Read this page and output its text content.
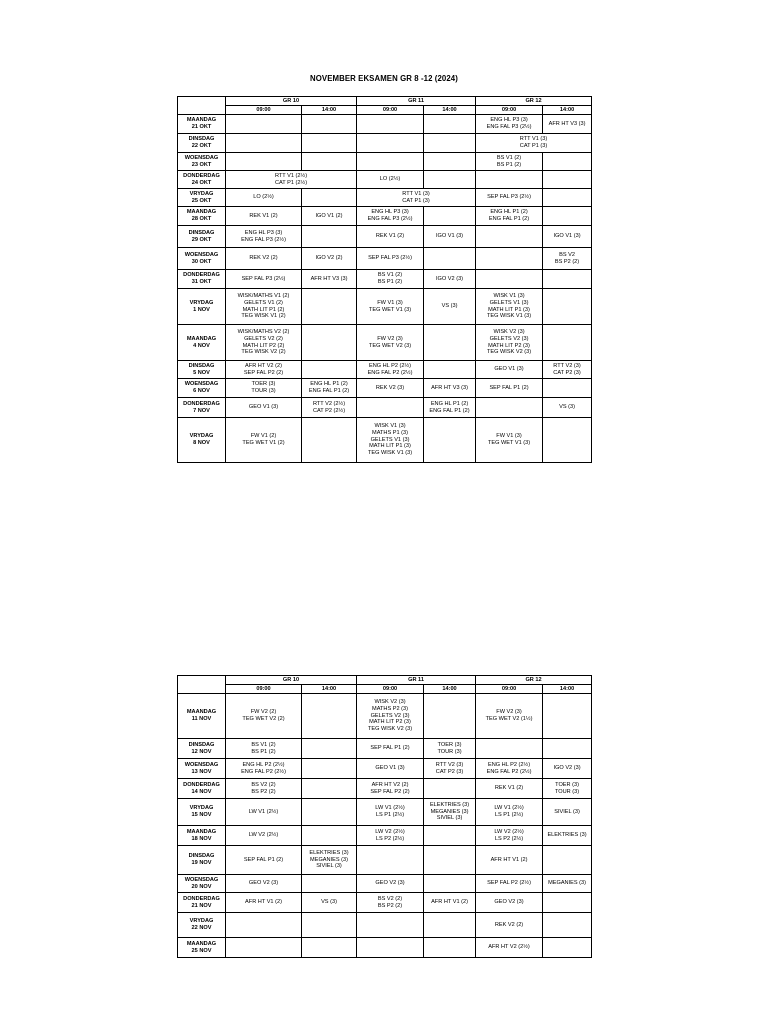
NOVEMBER EKSAMEN GR 8 -12 (2024)
	GR 10		GR 11		GR 12	
	09:00	14:00	09:00	14:00	09:00	14:00

MAANDAG
21 OKT					ENG HL P3 (3)
ENG FAL P3 (2½)	AFR HT V3 (3)

DINSDAG
22 OKT					RTT V1 (3)
CAT P1 (3)	

WOENSDAG
23 OKT					BS V1 (2)
BS P1 (2)	

DONDERDAG
24 OKT	RTT V1 (2½)
CAT P1 (2½)		LO (2½)			

VRYDAG
25 OKT	LO (2½)		RTT V1 (3)
CAT P1 (3)		SEP FAL P3 (2½)	

MAANDAG
28 OKT	REK V1 (2)	IGO V1 (2)	ENG HL P3 (3)
ENG FAL P3 (2½)		ENG HL P1 (2)
ENG FAL P1 (2)	

DINSDAG
29 OKT	ENG HL P3 (3)
ENG FAL P3 (2½)		REK V1 (2)	IGO V1 (3)		IGO V1 (3)

WOENSDAG
30 OKT	REK V2 (2)	IGO V2 (2)	SEP FAL P3 (2½)			BS V2
BS P2 (2)

DONDERDAG
31 OKT	SEP FAL P3 (2½)	AFR HT V3 (3)	BS V1 (2)
BS P1 (2)	IGO V2 (3)		

VRYDAG
1 NOV	WISK/MATHS V1 (2)
GELETS V1 (2)
MATH LIT P1 (2)
TEG WISK V1 (2)		FW V1 (3)
TEG WET V1 (3)	VS (3)	WISK V1 (3)
GELETS V1 (3)
MATH LIT P1 (3)
TEG WISK V1 (3)	

MAANDAG
4 NOV	WISK/MATHS V2 (2)
GELETS V2 (2)
MATH LIT P2 (2)
TEG WISK V2 (2)		FW V2 (3)
TEG WET V2 (3)		WISK V2 (3)
GELETS V2 (3)
MATH LIT P2 (3)
TEG WISK V2 (3)	

DINSDAG
5 NOV	AFR HT V2 (2)
SEP FAL P2 (2)		ENG HL P2 (2½)
ENG FAL P2 (2½)		GEO V1 (3)	RTT V2 (3)
CAT P2 (3)

WOENSDAG
6 NOV	TOER (3)
TOUR (3)	ENG HL P1 (2)
ENG FAL P1 (2)	REK V2 (3)	AFR HT V3 (3)	SEP FAL P1 (2)	

DONDERDAG
7 NOV	GEO V1 (3)	RTT V2 (2½)
CAT P2 (2½)		ENG HL P1 (2)
ENG FAL P1 (2)		VS (3)

VRYDAG
8 NOV	FW V1 (2)
TEG WET V1 (2)		WISK V1 (3)
MATHS P1 (3)
GELETS V1 (3)
MATH LIT P1 (3)
TEG WISK V1 (3)		FW V1 (3)
TEG WET V1 (3)	

	GR 10		GR 11		GR 12	
	09:00	14:00	09:00	14:00	09:00	14:00

MAANDAG
11 NOV	FW V2 (2)
TEG WET V2 (2)		WISK V2 (3)
MATHS P2 (3)
GELETS V2 (3)
MATH LIT P2 (3)
TEG WISK V2 (3)		FW V2 (3)
TEG WET V2 (1½)	

DINSDAG
12 NOV	BS V1 (2)
BS P1 (2)		SEP FAL P1 (2)	TOER (3)
TOUR (3)		

WOENSDAG
13 NOV	ENG HL P2 (2½)
ENG FAL P2 (2½)		GEO V1 (3)	RTT V2 (3)
CAT P2 (3)	ENG HL P2 (2½)
ENG FAL P2 (2½)	IGO V2 (3)

DONDERDAG
14 NOV	BS V2 (2)
BS P2 (2)		AFR HT V2 (2)
SEP FAL P2 (2)		REK V1 (2)	TOER (3)
TOUR (3)

VRYDAG
15 NOV	LW V1 (2½)		LW V1 (2½)
LS P1 (2½)	ELEKTRIES (3)
MEGANIES (3)
SIVIEL (3)	LW V1 (2½)
LS P1 (2½)	SIVIEL (3)

MAANDAG
18 NOV	LW V2 (2½)		LW V2 (2½)
LS P2 (2½)		LW V2 (2½)
LS P2 (2½)	ELEKTRIES (3)

DINSDAG
19 NOV	SEP FAL P1 (2)	ELEKTRIES (3)
MEGANIES (3)
SIVIEL (3)			AFR HT V1 (2)	

WOENSDAG
20 NOV	GEO V2 (3)		GEO V2 (3)		SEP FAL P2 (2½)	MEGANIES (3)

DONDERDAG
21 NOV	AFR HT V1 (2)	VS (3)	BS V2 (2)
BS P2 (2)	AFR HT V1 (2)	GEO V2 (3)	

VRYDAG
22 NOV					REK V2 (2)	

MAANDAG
25 NOV					AFR HT V2 (2½)	
